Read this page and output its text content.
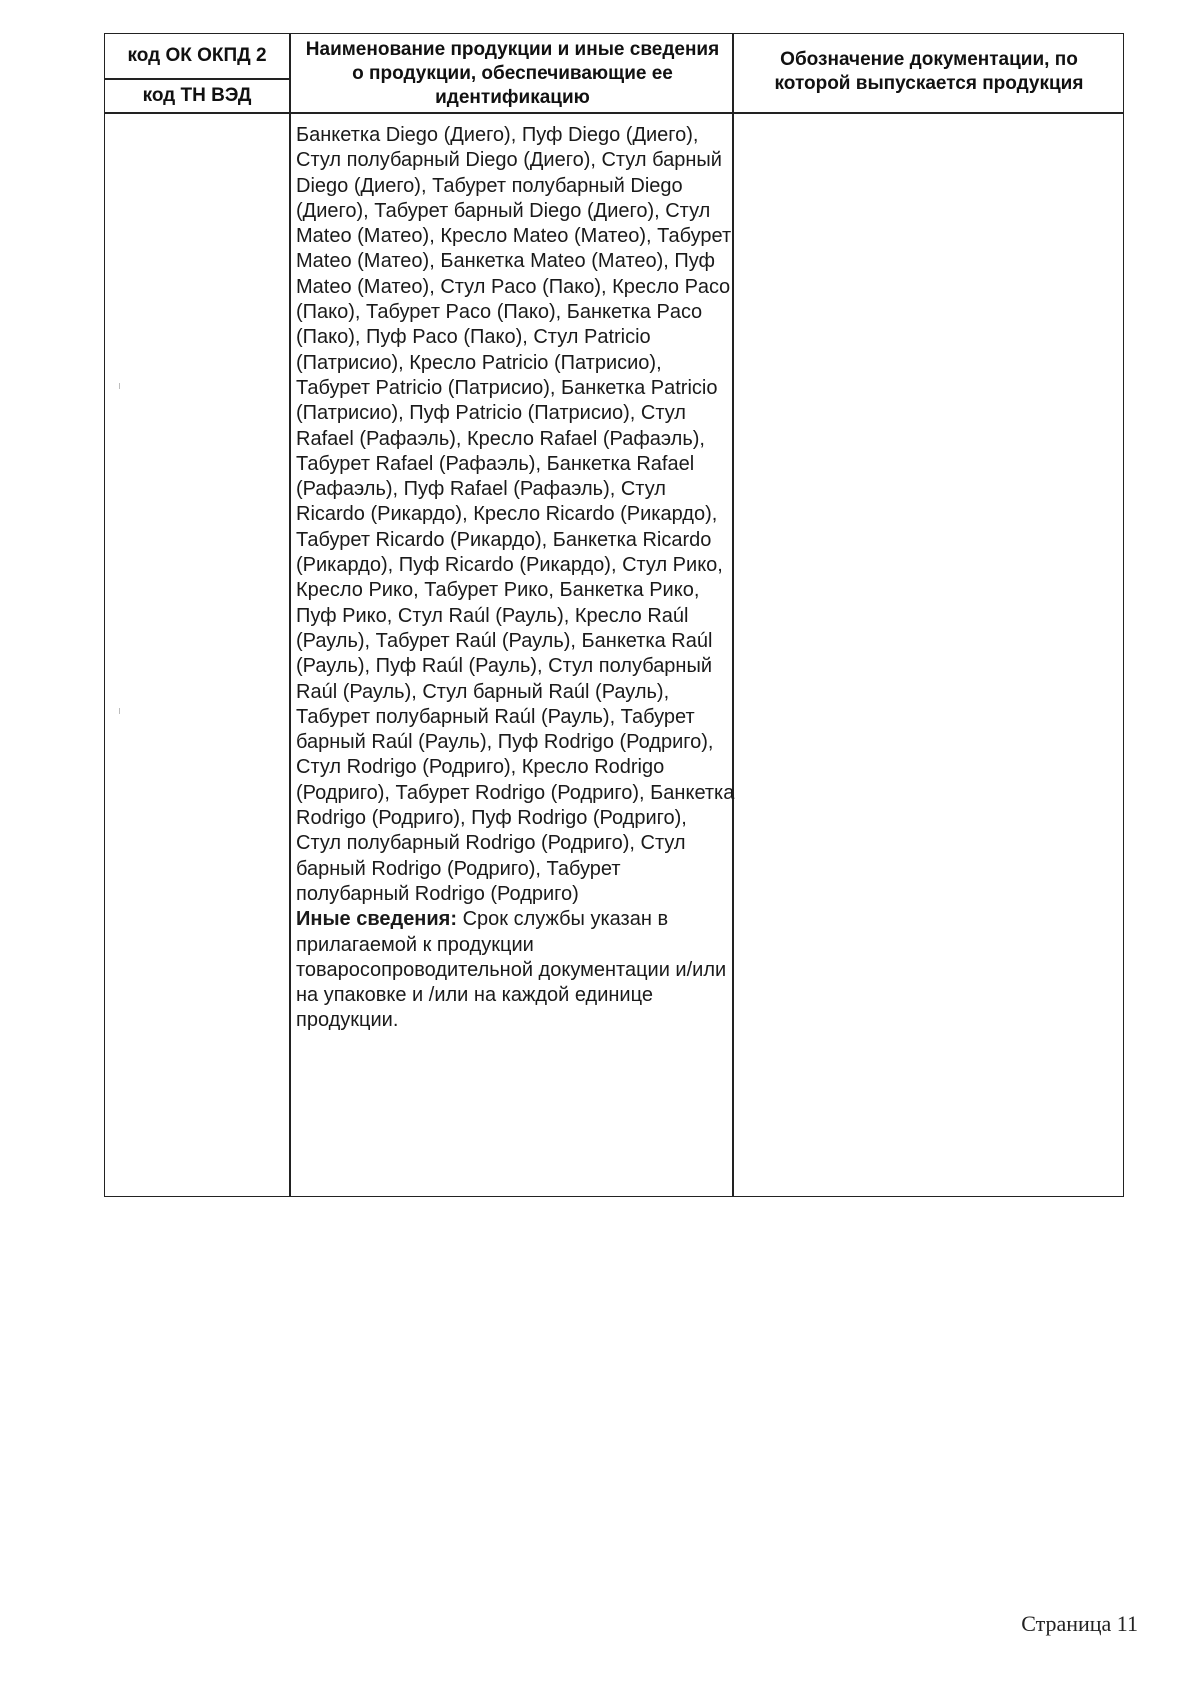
код ОК ОКПД 2
код ТН ВЭД
Наименование продукции и иные сведения о продукции, обеспечивающие ее идентификацию
Обозначение документации, по которой выпускается продукция
Банкетка Diego (Диего), Пуф Diego (Диего), Стул полубарный Diego (Диего), Стул барный Diego (Диего), Табурет полубарный Diego (Диего), Табурет барный Diego (Диего), Стул Mateo (Матео), Кресло Mateo (Матео), Табурет Mateo (Матео), Банкетка Mateo (Матео), Пуф Mateo (Матео), Стул Paco (Пако), Кресло Paco (Пако), Табурет Paco (Пако), Банкетка Paco (Пако), Пуф Paco (Пако), Стул Patricio (Патрисио), Кресло Patricio (Патрисио), Табурет Patricio (Патрисио), Банкетка Patricio (Патрисио), Пуф Patricio (Патрисио), Стул Rafael (Рафаэль), Кресло Rafael (Рафаэль), Табурет Rafael (Рафаэль), Банкетка Rafael (Рафаэль), Пуф Rafael (Рафаэль), Стул Ricardo (Рикардо), Кресло Ricardo (Рикардо), Табурет Ricardo (Рикардо), Банкетка Ricardo (Рикардо), Пуф Ricardo (Рикардо), Стул Рико, Кресло Рико, Табурет Рико, Банкетка Рико, Пуф Рико, Стул Raúl (Рауль), Кресло Raúl (Рауль), Табурет Raúl (Рауль), Банкетка Raúl (Рауль), Пуф Raúl (Рауль), Стул полубарный Raúl (Рауль), Стул барный Raúl (Рауль), Табурет полубарный Raúl (Рауль), Табурет барный Raúl (Рауль), Пуф Rodrigo (Родриго), Стул Rodrigo (Родриго), Кресло Rodrigo (Родриго), Табурет Rodrigo (Родриго), Банкетка Rodrigo (Родриго), Пуф Rodrigo (Родриго), Стул полубарный Rodrigo (Родриго), Стул барный Rodrigo (Родриго), Табурет полубарный Rodrigo (Родриго)
Иные сведения: Срок службы указан в прилагаемой к продукции товаросопроводительной документации и/или на упаковке и /или на каждой единице продукции.
ı
ı
Страница 11
